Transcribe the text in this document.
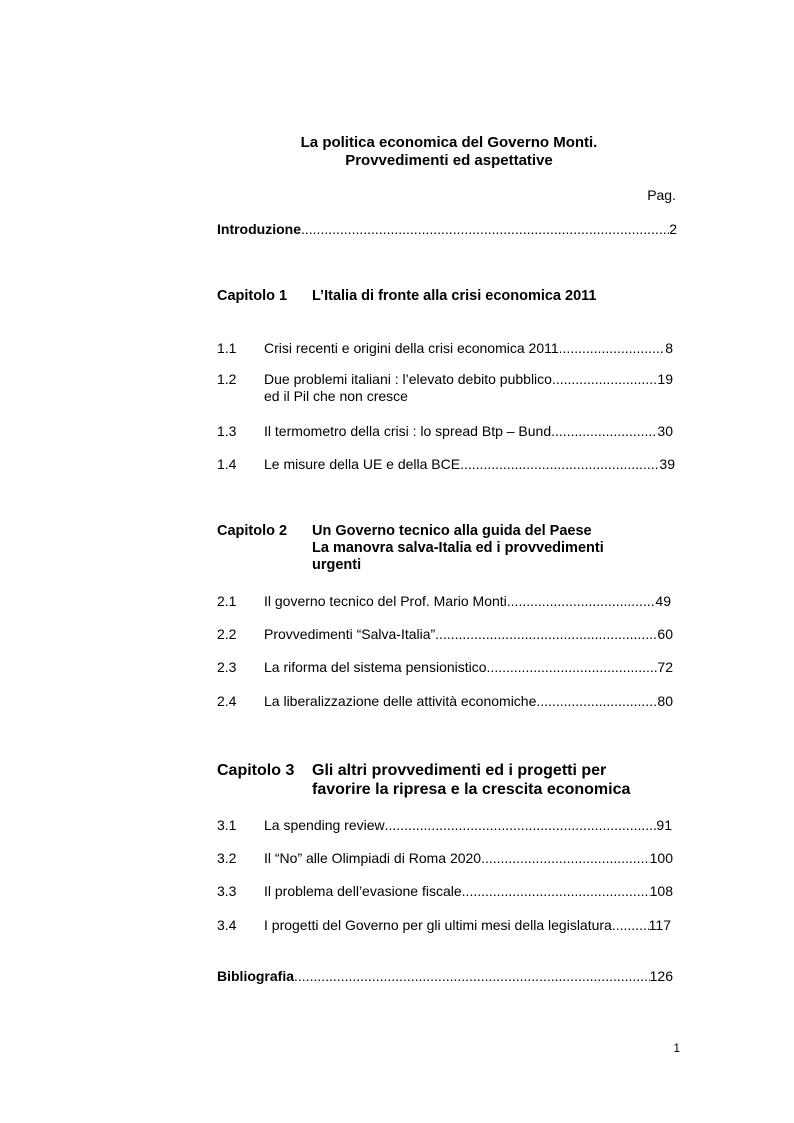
La politica economica del Governo Monti.
Provvedimenti ed aspettative
Pag.
Introduzione .....	2
Capitolo 1 L’Italia di fronte alla crisi economica 2011
1.1 Crisi recenti e origini della crisi economica 2011 .....	8
1.2 Due problemi italiani : l’elevato debito pubblico .....	19
ed il Pil che non cresce
1.3 Il termometro della crisi : lo spread Btp – Bund .....	30
1.4 Le misure della UE e della BCE .....	39
Capitolo 2 Un Governo tecnico alla guida del Paese
La manovra salva-Italia ed i provvedimenti
urgenti
2.1 Il governo tecnico del Prof. Mario Monti .....	49
2.2 Provvedimenti “Salva-Italia” .....	60
2.3 La riforma del sistema pensionistico .....	72
2.4 La liberalizzazione delle attività economiche .....	80
Capitolo 3 Gli altri provvedimenti ed i progetti per
favorire la ripresa e la crescita economica
3.1 La spending review .....	91
3.2 Il “No” alle Olimpiadi di Roma 2020 .....	100
3.3 Il problema dell’evasione fiscale .....	108
3.4 I progetti del Governo per gli ultimi mesi della legislatura .....	117
Bibliografia .....	126
1
